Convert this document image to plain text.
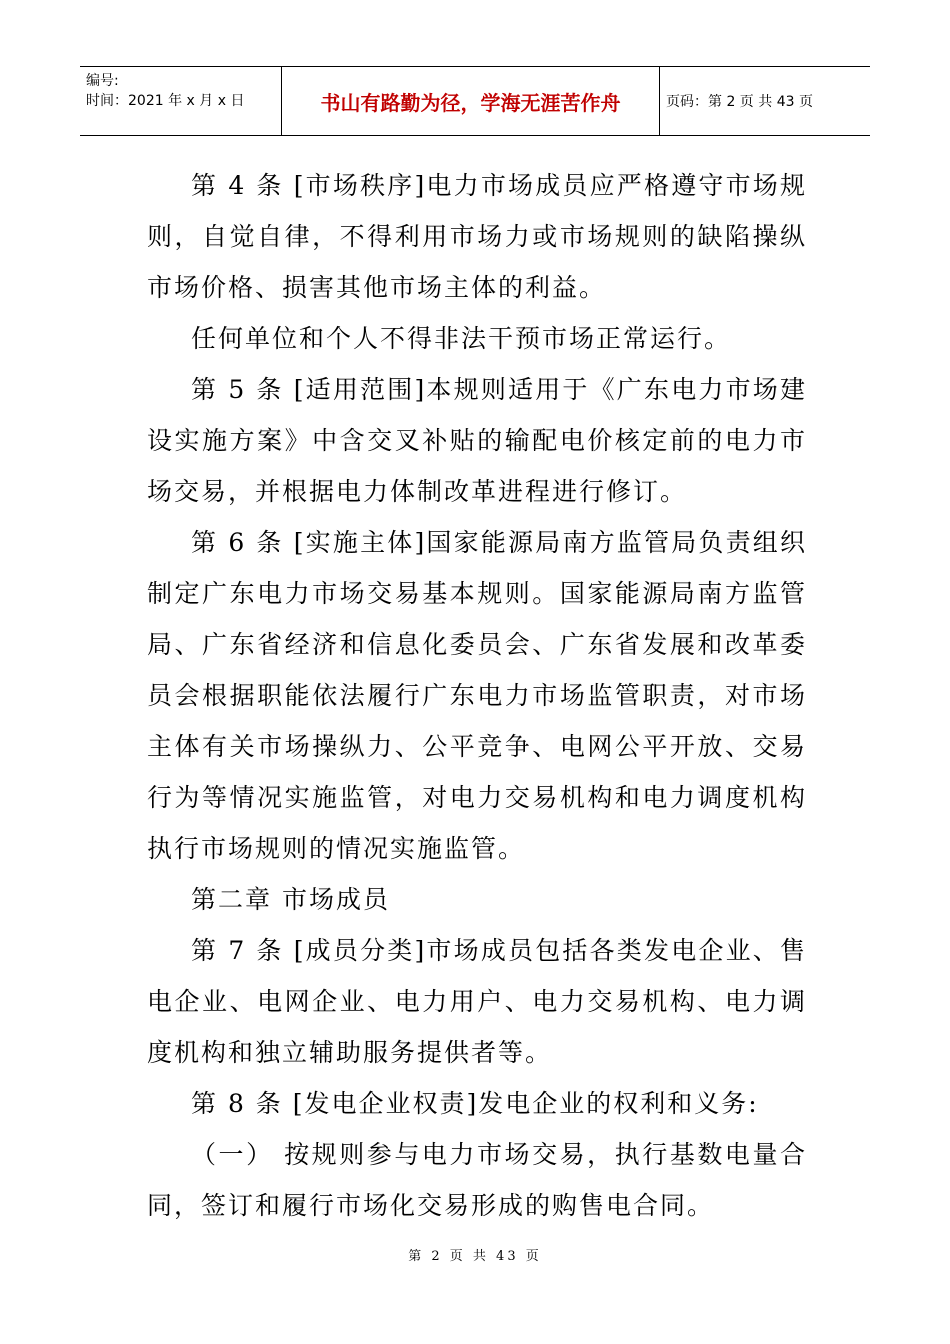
编号:
时间：2021 年 x 月 x 日	书山有路勤为径，学海无涯苦作舟	页码：第 2 页 共 43 页

第 4 条 [市场秩序]电力市场成员应严格遵守市场规则，自觉自律，不得利用市场力或市场规则的缺陷操纵市场价格、损害其他市场主体的利益。

任何单位和个人不得非法干预市场正常运行。

第 5 条 [适用范围]本规则适用于《广东电力市场建设实施方案》中含交叉补贴的输配电价核定前的电力市场交易，并根据电力体制改革进程进行修订。

第 6 条 [实施主体]国家能源局南方监管局负责组织制定广东电力市场交易基本规则。国家能源局南方监管局、广东省经济和信息化委员会、广东省发展和改革委员会根据职能依法履行广东电力市场监管职责，对市场主体有关市场操纵力、公平竞争、电网公平开放、交易行为等情况实施监管，对电力交易机构和电力调度机构执行市场规则的情况实施监管。

第二章 市场成员

第 7 条 [成员分类]市场成员包括各类发电企业、售电企业、电网企业、电力用户、电力交易机构、电力调度机构和独立辅助服务提供者等。

第 8 条 [发电企业权责]发电企业的权利和义务:

（一） 按规则参与电力市场交易，执行基数电量合同，签订和履行市场化交易形成的购售电合同。

第 2 页 共 43 页
